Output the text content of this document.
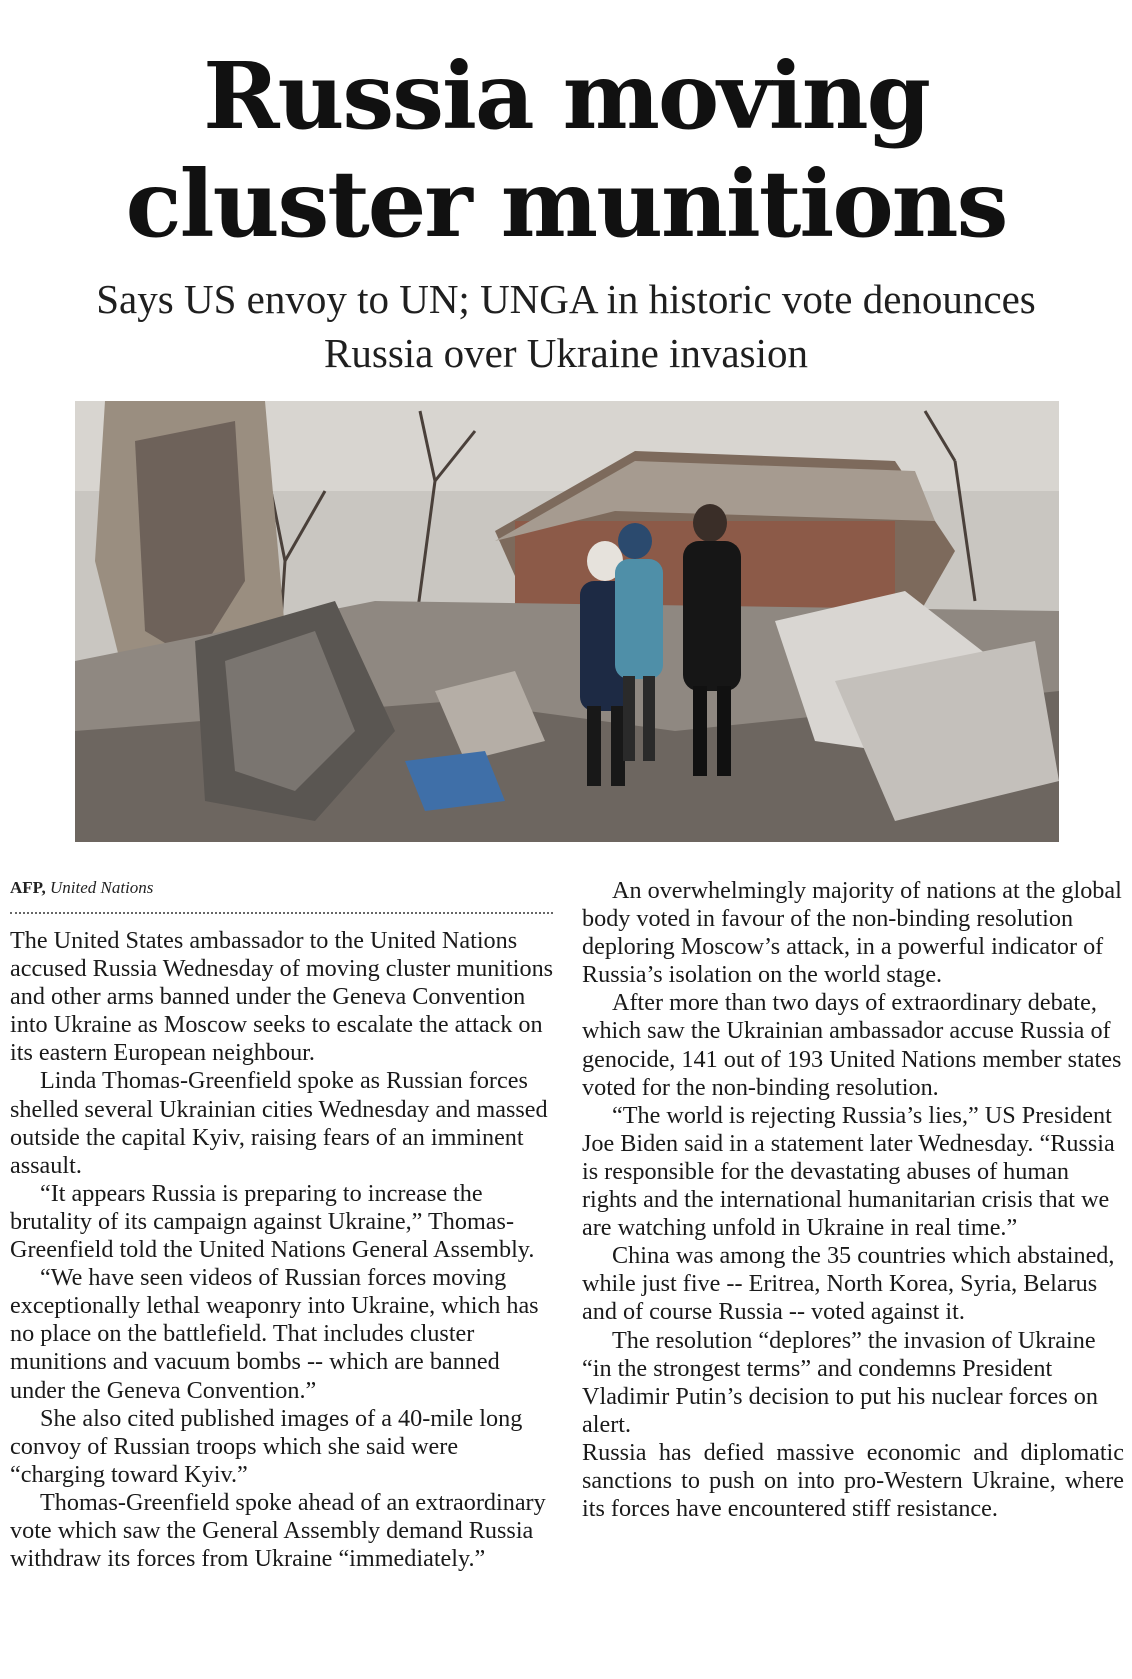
Russia moving
cluster munitions
Says US envoy to UN; UNGA in historic vote denounces
Russia over Ukraine invasion
AFP, United Nations

The United States ambassador to the United Nations accused Russia Wednesday of moving cluster munitions and other arms banned under the Geneva Convention into Ukraine as Moscow seeks to escalate the attack on its eastern European neighbour.

Linda Thomas-Greenfield spoke as Russian forces shelled several Ukrainian cities Wednesday and massed outside the capital Kyiv, raising fears of an imminent assault.

“It appears Russia is preparing to increase the brutality of its campaign against Ukraine,” Thomas-Greenfield told the United Nations General Assembly.

“We have seen videos of Russian forces moving exceptionally lethal weaponry into Ukraine, which has no place on the battlefield. That includes cluster munitions and vacuum bombs -- which are banned under the Geneva Convention.”

She also cited published images of a 40-mile long convoy of Russian troops which she said were “charging toward Kyiv.”

Thomas-Greenfield spoke ahead of an extraordinary vote which saw the General Assembly demand Russia withdraw its forces from Ukraine “immediately.”

An overwhelmingly majority of nations at the global body voted in favour of the non-binding resolution deploring Moscow’s attack, in a powerful indicator of Russia’s isolation on the world stage.

After more than two days of extraordinary debate, which saw the Ukrainian ambassador accuse Russia of genocide, 141 out of 193 United Nations member states voted for the non-binding resolution.

“The world is rejecting Russia’s lies,” US President Joe Biden said in a statement later Wednesday. “Russia is responsible for the devastating abuses of human rights and the international humanitarian crisis that we are watching unfold in Ukraine in real time.”

China was among the 35 countries which abstained, while just five -- Eritrea, North Korea, Syria, Belarus and of course Russia -- voted against it.

The resolution “deplores” the invasion of Ukraine “in the strongest terms” and condemns President Vladimir Putin’s decision to put his nuclear forces on alert.

Russia has defied massive economic and diplomatic sanctions to push on into pro-Western Ukraine, where its forces have encountered stiff resistance.
